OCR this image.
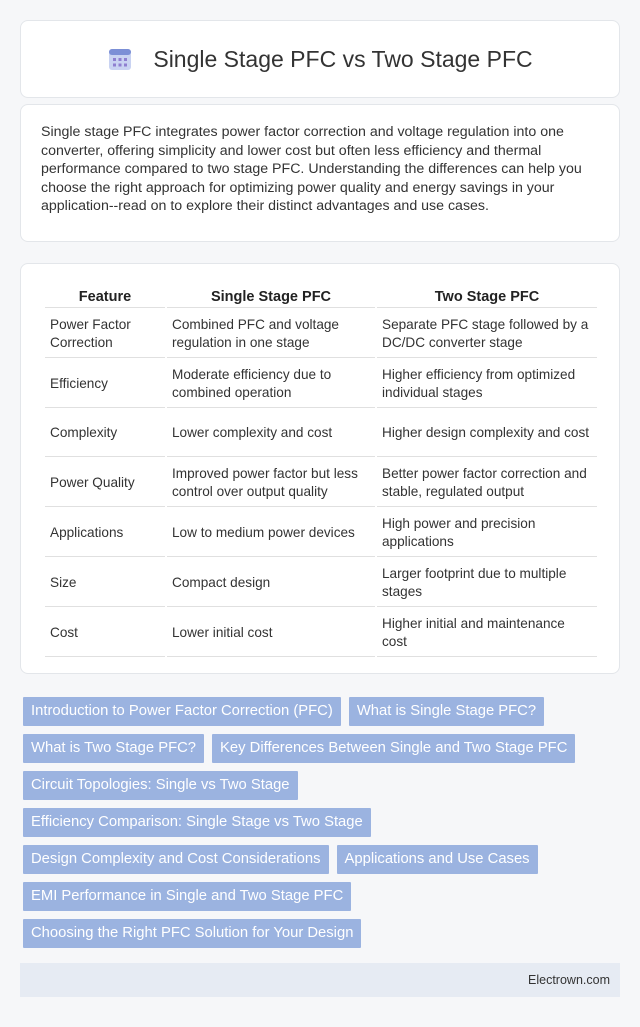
Single Stage PFC vs Two Stage PFC

Single stage PFC integrates power factor correction and voltage regulation into one converter, offering simplicity and lower cost but often less efficiency and thermal performance compared to two stage PFC. Understanding the differences can help you choose the right approach for optimizing power quality and energy savings in your application--read on to explore their distinct advantages and use cases.

Feature	Single Stage PFC	Two Stage PFC
Power Factor Correction	Combined PFC and voltage regulation in one stage	Separate PFC stage followed by a DC/DC converter stage
Efficiency	Moderate efficiency due to combined operation	Higher efficiency from optimized individual stages
Complexity	Lower complexity and cost	Higher design complexity and cost
Power Quality	Improved power factor but less control over output quality	Better power factor correction and stable, regulated output
Applications	Low to medium power devices	High power and precision applications
Size	Compact design	Larger footprint due to multiple stages
Cost	Lower initial cost	Higher initial and maintenance cost
Introduction to Power Factor Correction (PFC)	What is Single Stage PFC?
What is Two Stage PFC?	Key Differences Between Single and Two Stage PFC
Circuit Topologies: Single vs Two Stage
Efficiency Comparison: Single Stage vs Two Stage
Design Complexity and Cost Considerations	Applications and Use Cases
EMI Performance in Single and Two Stage PFC
Choosing the Right PFC Solution for Your Design
Electrown.com
